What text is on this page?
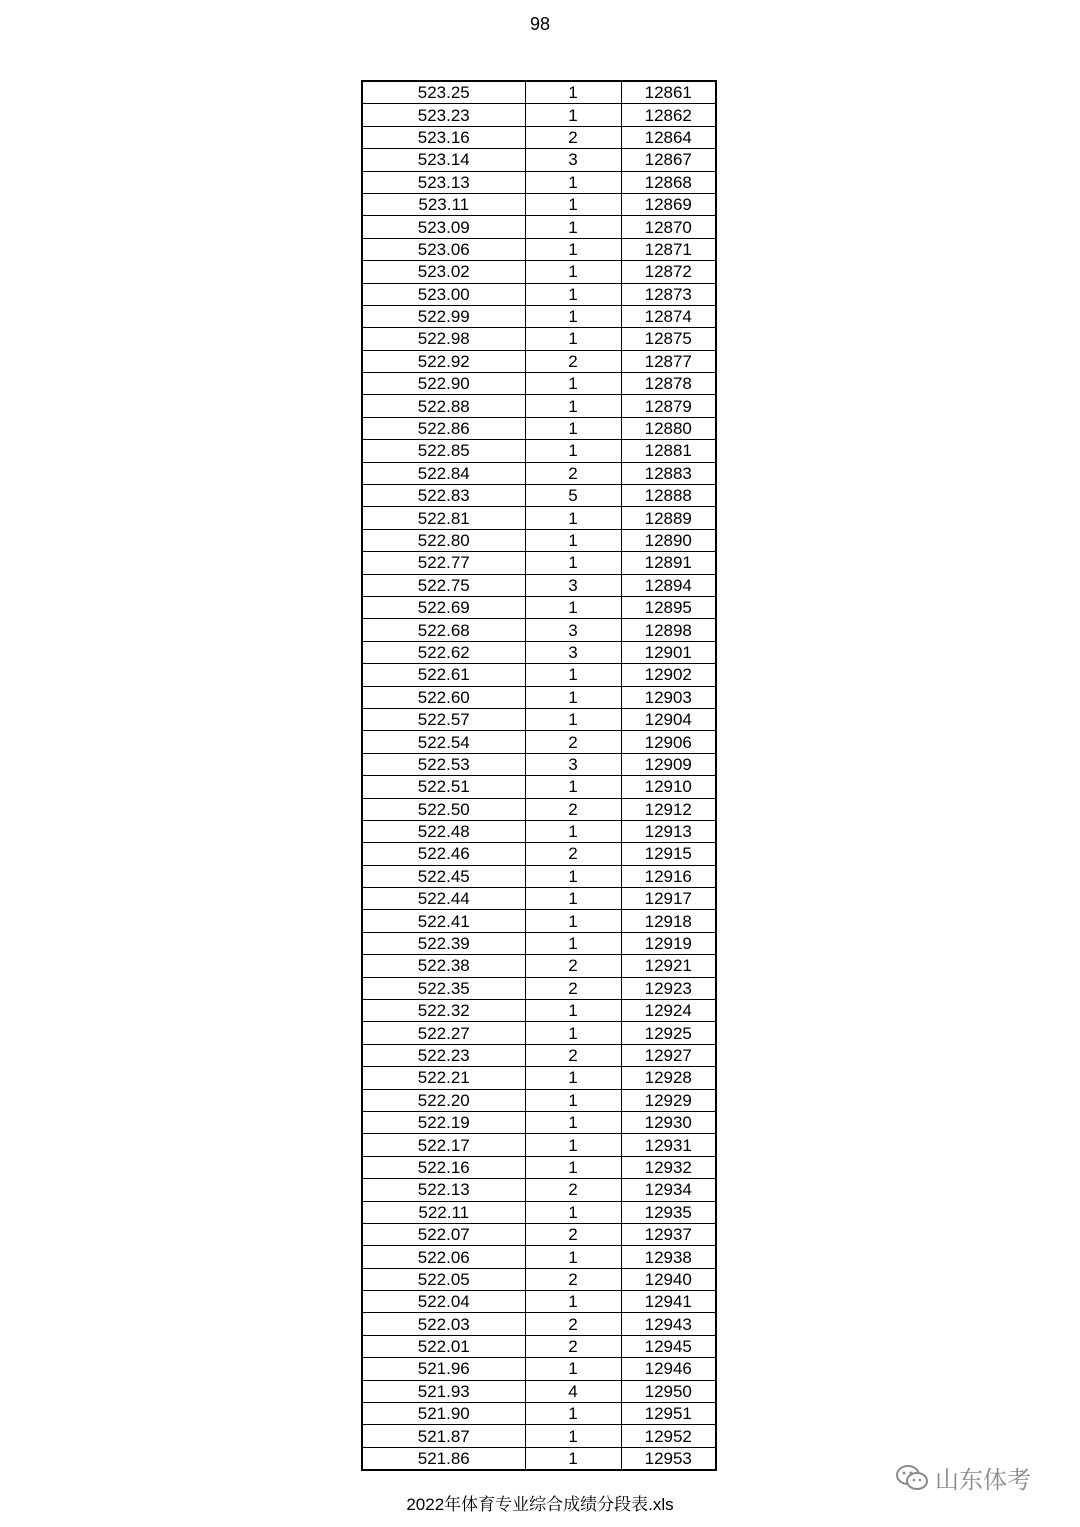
98
523.25	1	12861
523.23	1	12862
523.16	2	12864
523.14	3	12867
523.13	1	12868
523.11	1	12869
523.09	1	12870
523.06	1	12871
523.02	1	12872
523.00	1	12873
522.99	1	12874
522.98	1	12875
522.92	2	12877
522.90	1	12878
522.88	1	12879
522.86	1	12880
522.85	1	12881
522.84	2	12883
522.83	5	12888
522.81	1	12889
522.80	1	12890
522.77	1	12891
522.75	3	12894
522.69	1	12895
522.68	3	12898
522.62	3	12901
522.61	1	12902
522.60	1	12903
522.57	1	12904
522.54	2	12906
522.53	3	12909
522.51	1	12910
522.50	2	12912
522.48	1	12913
522.46	2	12915
522.45	1	12916
522.44	1	12917
522.41	1	12918
522.39	1	12919
522.38	2	12921
522.35	2	12923
522.32	1	12924
522.27	1	12925
522.23	2	12927
522.21	1	12928
522.20	1	12929
522.19	1	12930
522.17	1	12931
522.16	1	12932
522.13	2	12934
522.11	1	12935
522.07	2	12937
522.06	1	12938
522.05	2	12940
522.04	1	12941
522.03	2	12943
522.01	2	12945
521.96	1	12946
521.93	4	12950
521.90	1	12951
521.87	1	12952
521.86	1	12953
山东体考
2022年体育专业综合成绩分段表.xls
